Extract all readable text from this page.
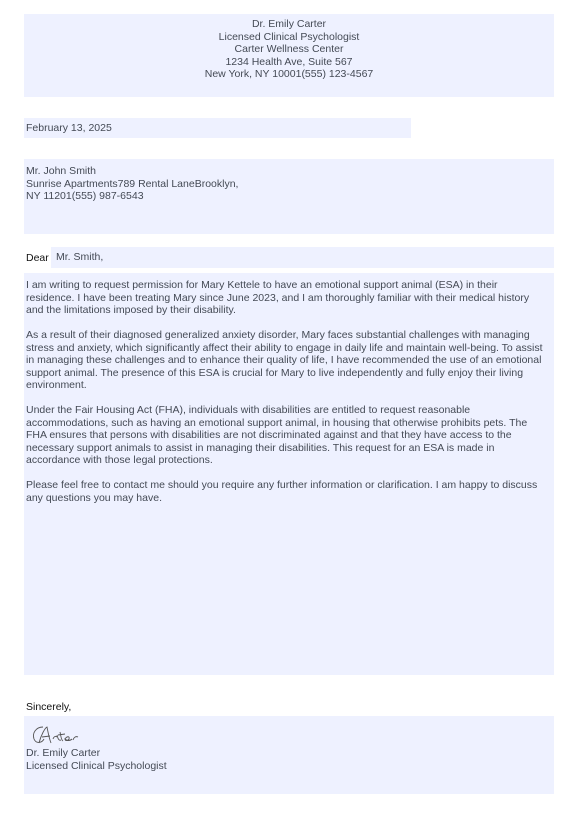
Dr. Emily Carter
Licensed Clinical Psychologist
Carter Wellness Center
1234 Health Ave, Suite 567
New York, NY 10001(555) 123-4567
February 13, 2025
Mr. John Smith
Sunrise Apartments789 Rental LaneBrooklyn,
NY 11201(555) 987-6543
Dear Mr. Smith,

I am writing to request permission for Mary Kettele to have an emotional support animal (ESA) in their residence. I have been treating Mary since June 2023, and I am thoroughly familiar with their medical history and the limitations imposed by their disability.

As a result of their diagnosed generalized anxiety disorder, Mary faces substantial challenges with managing stress and anxiety, which significantly affect their ability to engage in daily life and maintain well-being. To assist in managing these challenges and to enhance their quality of life, I have recommended the use of an emotional support animal. The presence of this ESA is crucial for Mary to live independently and fully enjoy their living environment.

Under the Fair Housing Act (FHA), individuals with disabilities are entitled to request reasonable accommodations, such as having an emotional support animal, in housing that otherwise prohibits pets. The FHA ensures that persons with disabilities are not discriminated against and that they have access to the necessary support animals to assist in managing their disabilities. This request for an ESA is made in accordance with those legal protections.

Please feel free to contact me should you require any further information or clarification. I am happy to discuss any questions you may have.

Sincerely,
Dr. Emily Carter
Licensed Clinical Psychologist
